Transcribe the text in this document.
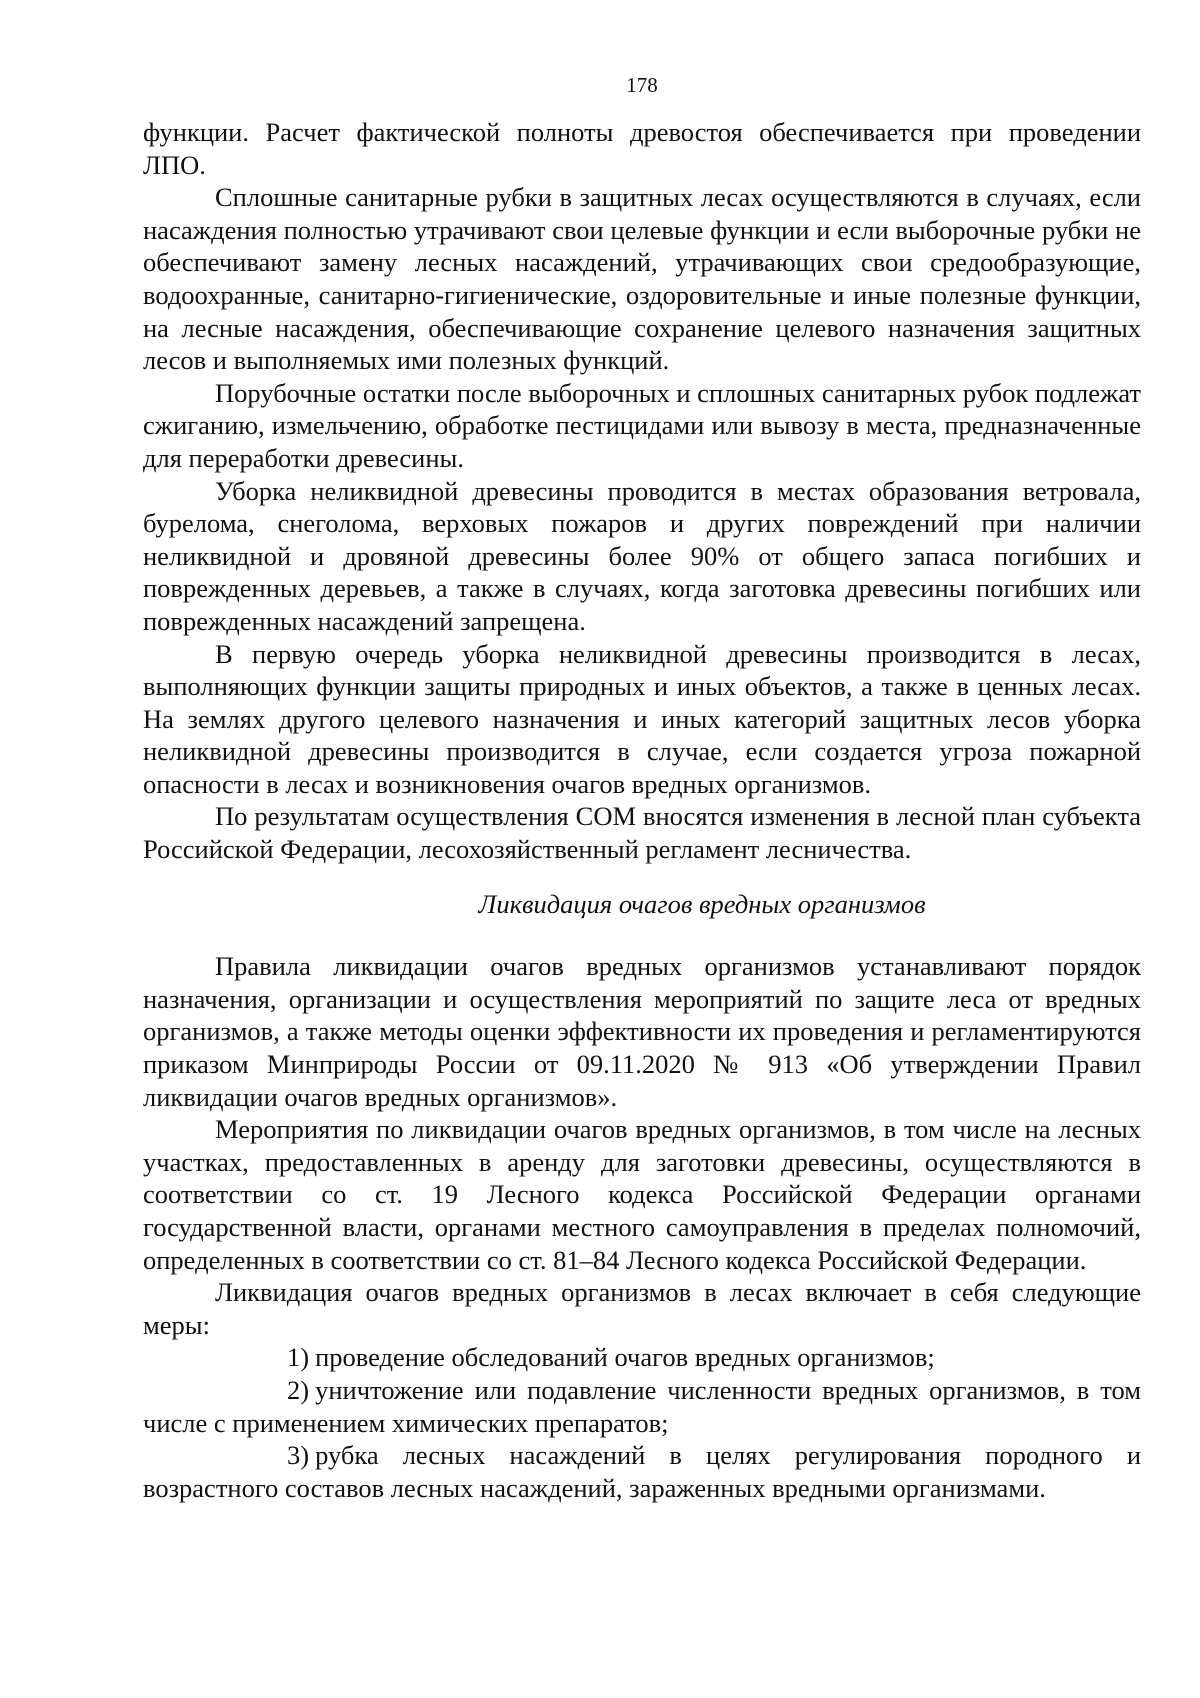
178

функции. Расчет фактической полноты древостоя обеспечивается при проведении ЛПО.

Сплошные санитарные рубки в защитных лесах осуществляются в случаях, если насаждения полностью утрачивают свои целевые функции и если выборочные рубки не обеспечивают замену лесных насаждений, утрачивающих свои средообразующие, водоохранные, санитарно-гигиенические, оздоровительные и иные полезные функции, на лесные насаждения, обеспечивающие сохранение целевого назначения защитных лесов и выполняемых ими полезных функций.

Порубочные остатки после выборочных и сплошных санитарных рубок подлежат сжиганию, измельчению, обработке пестицидами или вывозу в места, предназначенные для переработки древесины.

Уборка неликвидной древесины проводится в местах образования ветровала, бурелома, снеголома, верховых пожаров и других повреждений при наличии неликвидной и дровяной древесины более 90% от общего запаса погибших и поврежденных деревьев, а также в случаях, когда заготовка древесины погибших или поврежденных насаждений запрещена.

В первую очередь уборка неликвидной древесины производится в лесах, выполняющих функции защиты природных и иных объектов, а также в ценных лесах. На землях другого целевого назначения и иных категорий защитных лесов уборка неликвидной древесины производится в случае, если создается угроза пожарной опасности в лесах и возникновения очагов вредных организмов.

По результатам осуществления СОМ вносятся изменения в лесной план субъекта Российской Федерации, лесохозяйственный регламент лесничества.

Ликвидация очагов вредных организмов

Правила ликвидации очагов вредных организмов устанавливают порядок назначения, организации и осуществления мероприятий по защите леса от вредных организмов, а также методы оценки эффективности их проведения и регламентируются приказом Минприроды России от 09.11.2020 № 913 «Об утверждении Правил ликвидации очагов вредных организмов».

Мероприятия по ликвидации очагов вредных организмов, в том числе на лесных участках, предоставленных в аренду для заготовки древесины, осуществляются в соответствии со ст. 19 Лесного кодекса Российской Федерации органами государственной власти, органами местного самоуправления в пределах полномочий, определенных в соответствии со ст. 81–84 Лесного кодекса Российской Федерации.

Ликвидация очагов вредных организмов в лесах включает в себя следующие меры:

1) проведение обследований очагов вредных организмов;

2) уничтожение или подавление численности вредных организмов, в том числе с применением химических препаратов;

3) рубка лесных насаждений в целях регулирования породного и возрастного составов лесных насаждений, зараженных вредными организмами.
